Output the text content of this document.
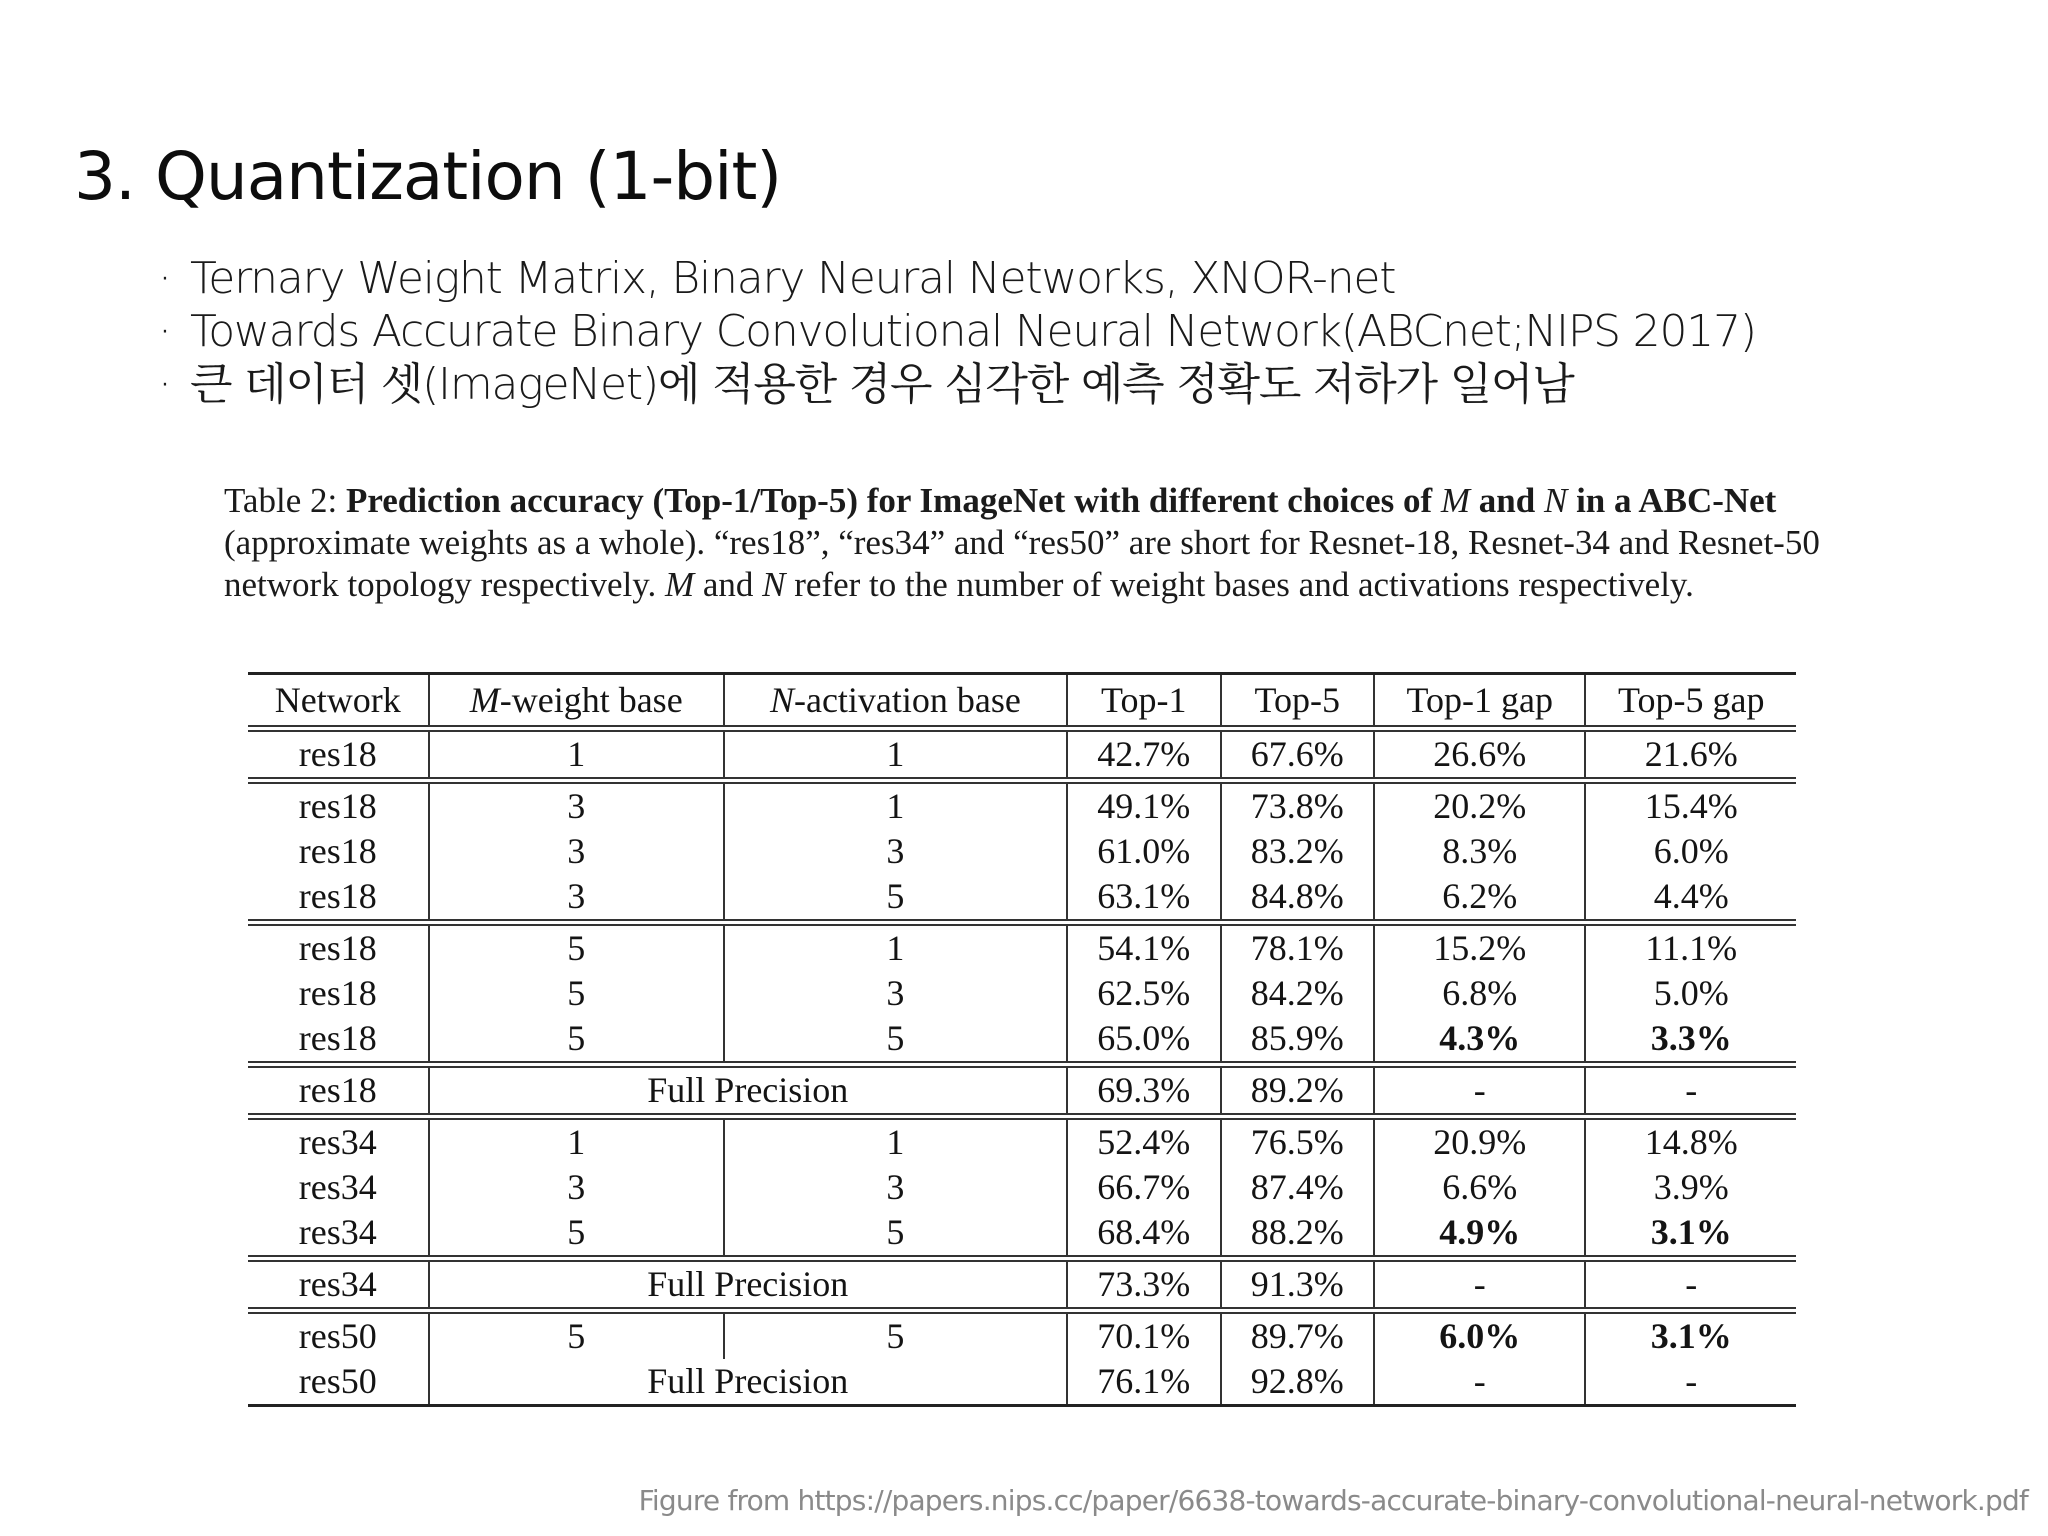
3. Quantization (1-bit)
· Ternary Weight Matrix, Binary Neural Networks, XNOR-net
· Towards Accurate Binary Convolutional Neural Network(ABCnet;NIPS 2017)
· 큰 데이터 셋(ImageNet)에 적용한 경우 심각한 예측 정확도 저하가 일어남
Table 2: Prediction accuracy (Top-1/Top-5) for ImageNet with different choices of M and N in a ABC-Net (approximate weights as a whole). “res18”, “res34” and “res50” are short for Resnet-18, Resnet-34 and Resnet-50 network topology respectively. M and N refer to the number of weight bases and activations respectively.
Network	M-weight base	N-activation base	Top-1	Top-5	Top-1 gap	Top-5 gap
res18	1	1	42.7%	67.6%	26.6%	21.6%
res18	3	1	49.1%	73.8%	20.2%	15.4%
res18	3	3	61.0%	83.2%	8.3%	6.0%
res18	3	5	63.1%	84.8%	6.2%	4.4%
res18	5	1	54.1%	78.1%	15.2%	11.1%
res18	5	3	62.5%	84.2%	6.8%	5.0%
res18	5	5	65.0%	85.9%	4.3%	3.3%
res18	Full Precision		69.3%	89.2%	-	-
res34	1	1	52.4%	76.5%	20.9%	14.8%
res34	3	3	66.7%	87.4%	6.6%	3.9%
res34	5	5	68.4%	88.2%	4.9%	3.1%
res34	Full Precision		73.3%	91.3%	-	-
res50	5	5	70.1%	89.7%	6.0%	3.1%
res50	Full Precision		76.1%	92.8%	-	-
Figure from https://papers.nips.cc/paper/6638-towards-accurate-binary-convolutional-neural-network.pdf
